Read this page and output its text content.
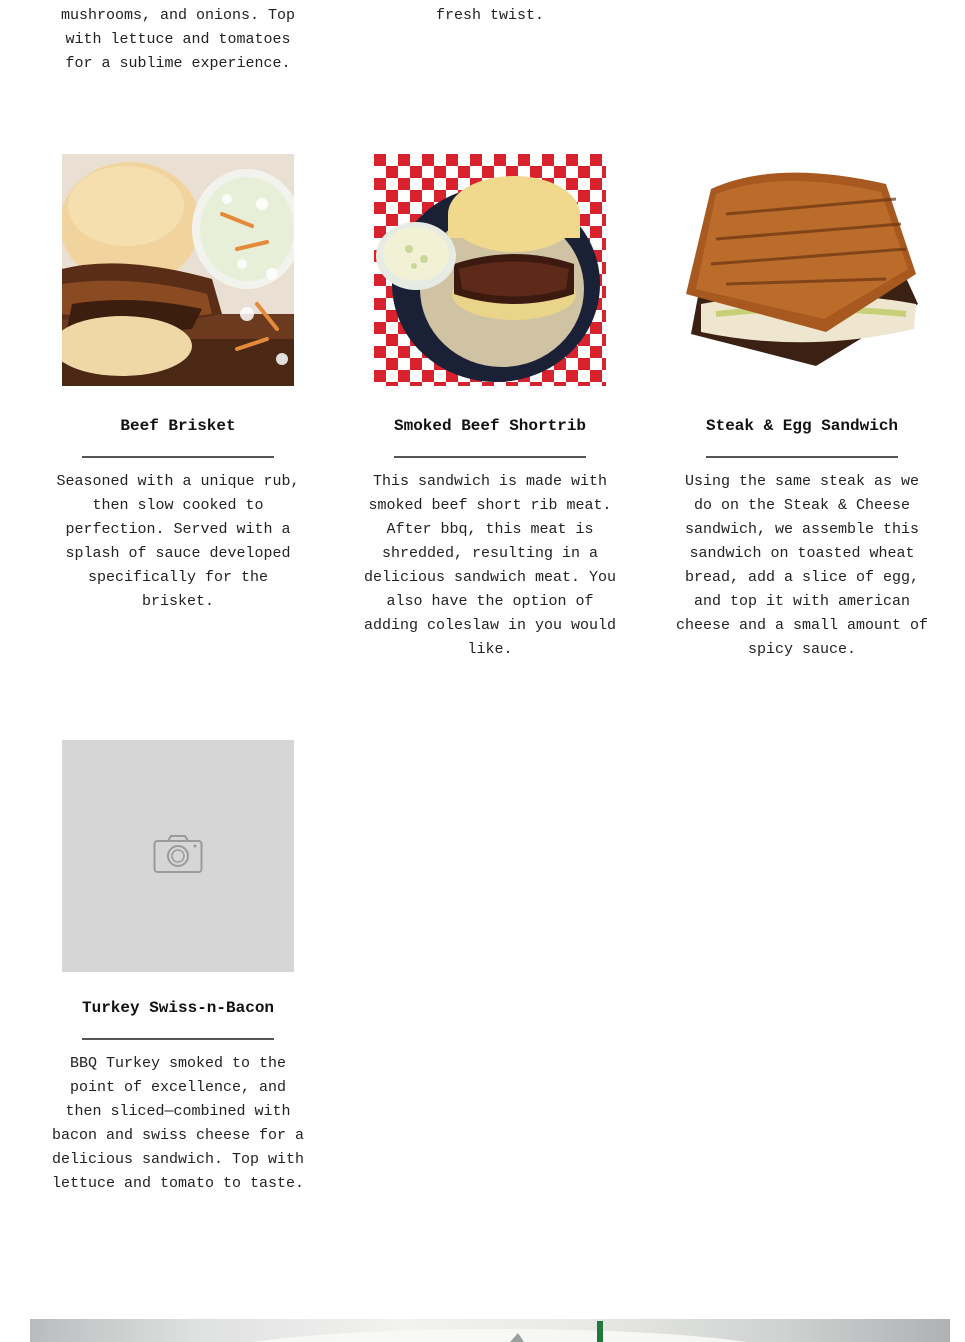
mushrooms, and onions. Top
with lettuce and tomatoes
for a sublime experience.

fresh twist.

Beef Brisket

Seasoned with a unique rub,
then slow cooked to
perfection. Served with a
splash of sauce developed
specifically for the
brisket.

Smoked Beef Shortrib

This sandwich is made with
smoked beef short rib meat.
After bbq, this meat is
shredded, resulting in a
delicious sandwich meat. You
also have the option of
adding coleslaw in you would
like.

Steak & Egg Sandwich

Using the same steak as we
do on the Steak & Cheese
sandwich, we assemble this
sandwich on toasted wheat
bread, add a slice of egg,
and top it with american
cheese and a small amount of
spicy sauce.

Turkey Swiss-n-Bacon

BBQ Turkey smoked to the
point of excellence, and
then sliced—combined with
bacon and swiss cheese for a
delicious sandwich. Top with
lettuce and tomato to taste.
